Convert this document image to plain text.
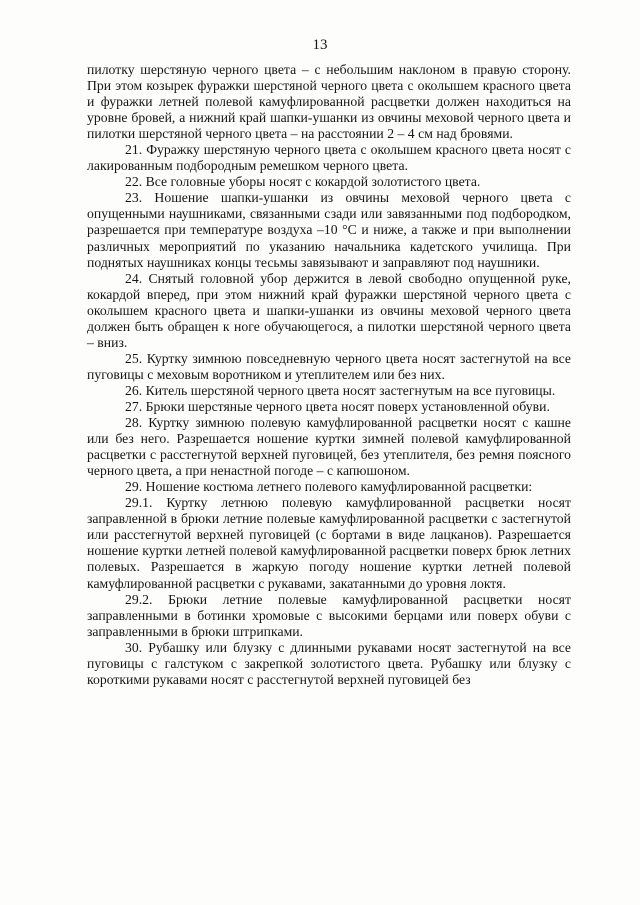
13

пилотку шерстяную черного цвета – с небольшим наклоном в правую сторону. При этом козырек фуражки шерстяной черного цвета с околышем красного цвета и фуражки летней полевой камуфлированной расцветки должен находиться на уровне бровей, а нижний край шапки-ушанки из овчины меховой черного цвета и пилотки шерстяной черного цвета – на расстоянии 2 – 4 см над бровями.

21. Фуражку шерстяную черного цвета с околышем красного цвета носят с лакированным подбородным ремешком черного цвета.

22. Все головные уборы носят с кокардой золотистого цвета.

23. Ношение шапки-ушанки из овчины меховой черного цвета с опущенными наушниками, связанными сзади или завязанными под подбородком, разрешается при температуре воздуха –10 °C и ниже, а также и при выполнении различных мероприятий по указанию начальника кадетского училища. При поднятых наушниках концы тесьмы завязывают и заправляют под наушники.

24. Снятый головной убор держится в левой свободно опущенной руке, кокардой вперед, при этом нижний край фуражки шерстяной черного цвета с околышем красного цвета и шапки-ушанки из овчины меховой черного цвета должен быть обращен к ноге обучающегося, а пилотки шерстяной черного цвета – вниз.

25. Куртку зимнюю повседневную черного цвета носят застегнутой на все пуговицы с меховым воротником и утеплителем или без них.

26. Китель шерстяной черного цвета носят застегнутым на все пуговицы.

27. Брюки шерстяные черного цвета носят поверх установленной обуви.

28. Куртку зимнюю полевую камуфлированной расцветки носят с кашне или без него. Разрешается ношение куртки зимней полевой камуфлированной расцветки с расстегнутой верхней пуговицей, без утеплителя, без ремня поясного черного цвета, а при ненастной погоде – с капюшоном.

29. Ношение костюма летнего полевого камуфлированной расцветки:

29.1. Куртку летнюю полевую камуфлированной расцветки носят заправленной в брюки летние полевые камуфлированной расцветки с застегнутой или расстегнутой верхней пуговицей (с бортами в виде лацканов). Разрешается ношение куртки летней полевой камуфлированной расцветки поверх брюк летних полевых. Разрешается в жаркую погоду ношение куртки летней полевой камуфлированной расцветки с рукавами, закатанными до уровня локтя.

29.2. Брюки летние полевые камуфлированной расцветки носят заправленными в ботинки хромовые с высокими берцами или поверх обуви с заправленными в брюки штрипками.

30. Рубашку или блузку с длинными рукавами носят застегнутой на все пуговицы с галстуком с закрепкой золотистого цвета. Рубашку или блузку с короткими рукавами носят с расстегнутой верхней пуговицей без
